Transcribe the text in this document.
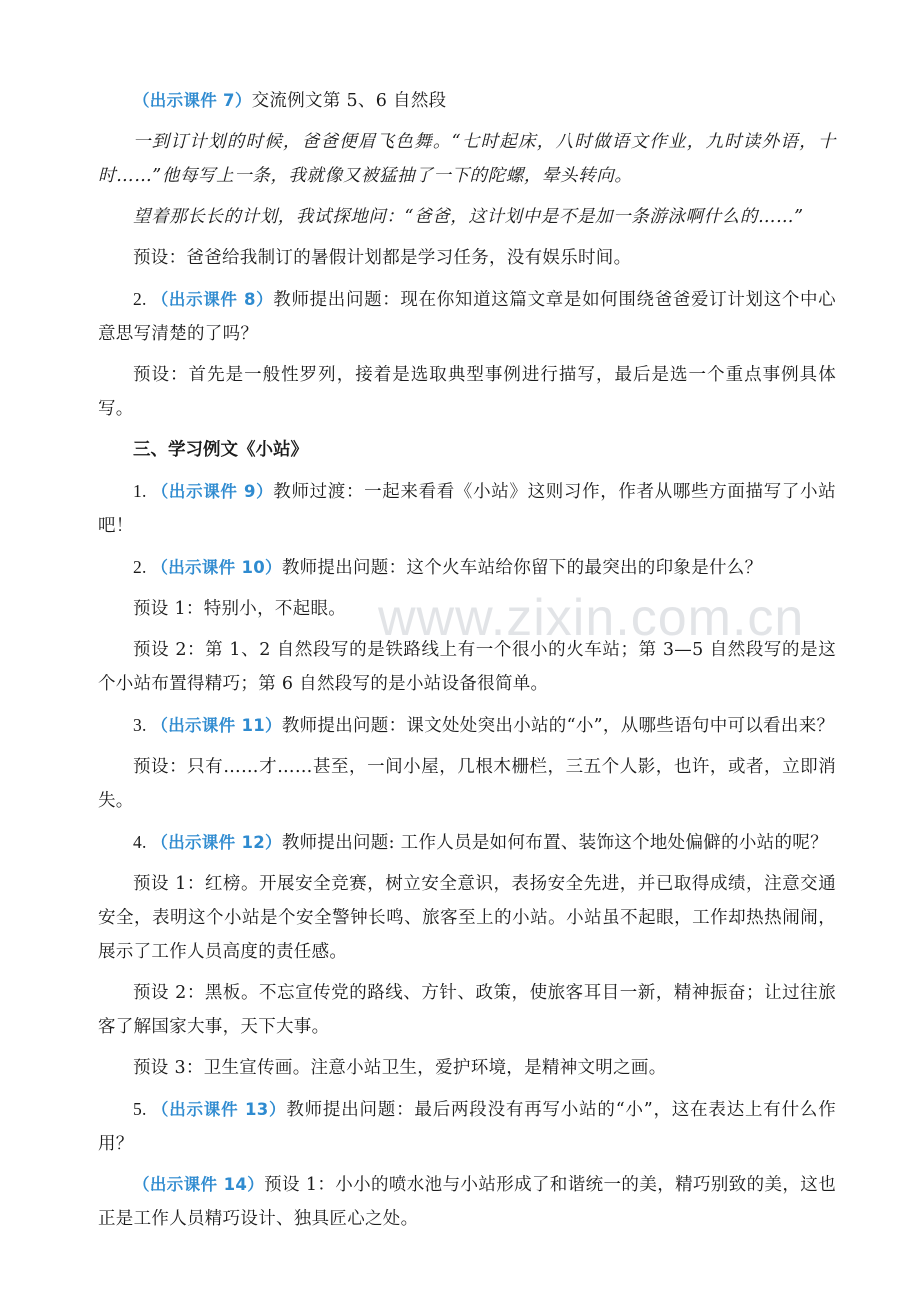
www.zixin.com.cn

（出示课件 7）交流例文第 5、6 自然段

一到订计划的时候，爸爸便眉飞色舞。“七时起床，八时做语文作业，九时读外语，十时……”他每写上一条，我就像又被猛抽了一下的陀螺，晕头转向。

望着那长长的计划，我试探地问：“爸爸，这计划中是不是加一条游泳啊什么的……”

预设：爸爸给我制订的暑假计划都是学习任务，没有娱乐时间。

2. （出示课件 8）教师提出问题：现在你知道这篇文章是如何围绕爸爸爱订计划这个中心意思写清楚的了吗？

预设：首先是一般性罗列，接着是选取典型事例进行描写，最后是选一个重点事例具体写。

三、学习例文《小站》

1. （出示课件 9）教师过渡：一起来看看《小站》这则习作，作者从哪些方面描写了小站吧！

2. （出示课件 10）教师提出问题：这个火车站给你留下的最突出的印象是什么？

预设 1：特别小，不起眼。

预设 2：第 1、2 自然段写的是铁路线上有一个很小的火车站；第 3—5 自然段写的是这个小站布置得精巧；第 6 自然段写的是小站设备很简单。

3. （出示课件 11）教师提出问题：课文处处突出小站的“小”，从哪些语句中可以看出来？

预设：只有……才……甚至，一间小屋，几根木栅栏，三五个人影，也许，或者，立即消失。

4. （出示课件 12）教师提出问题: 工作人员是如何布置、装饰这个地处偏僻的小站的呢？

预设 1：红榜。开展安全竞赛，树立安全意识，表扬安全先进，并已取得成绩，注意交通安全，表明这个小站是个安全警钟长鸣、旅客至上的小站。小站虽不起眼，工作却热热闹闹，展示了工作人员高度的责任感。

预设 2：黑板。不忘宣传党的路线、方针、政策，使旅客耳目一新，精神振奋；让过往旅客了解国家大事，天下大事。

预设 3：卫生宣传画。注意小站卫生，爱护环境，是精神文明之画。

5. （出示课件 13）教师提出问题：最后两段没有再写小站的“小”，这在表达上有什么作用？

（出示课件 14）预设 1：小小的喷水池与小站形成了和谐统一的美，精巧别致的美，这也正是工作人员精巧设计、独具匠心之处。
